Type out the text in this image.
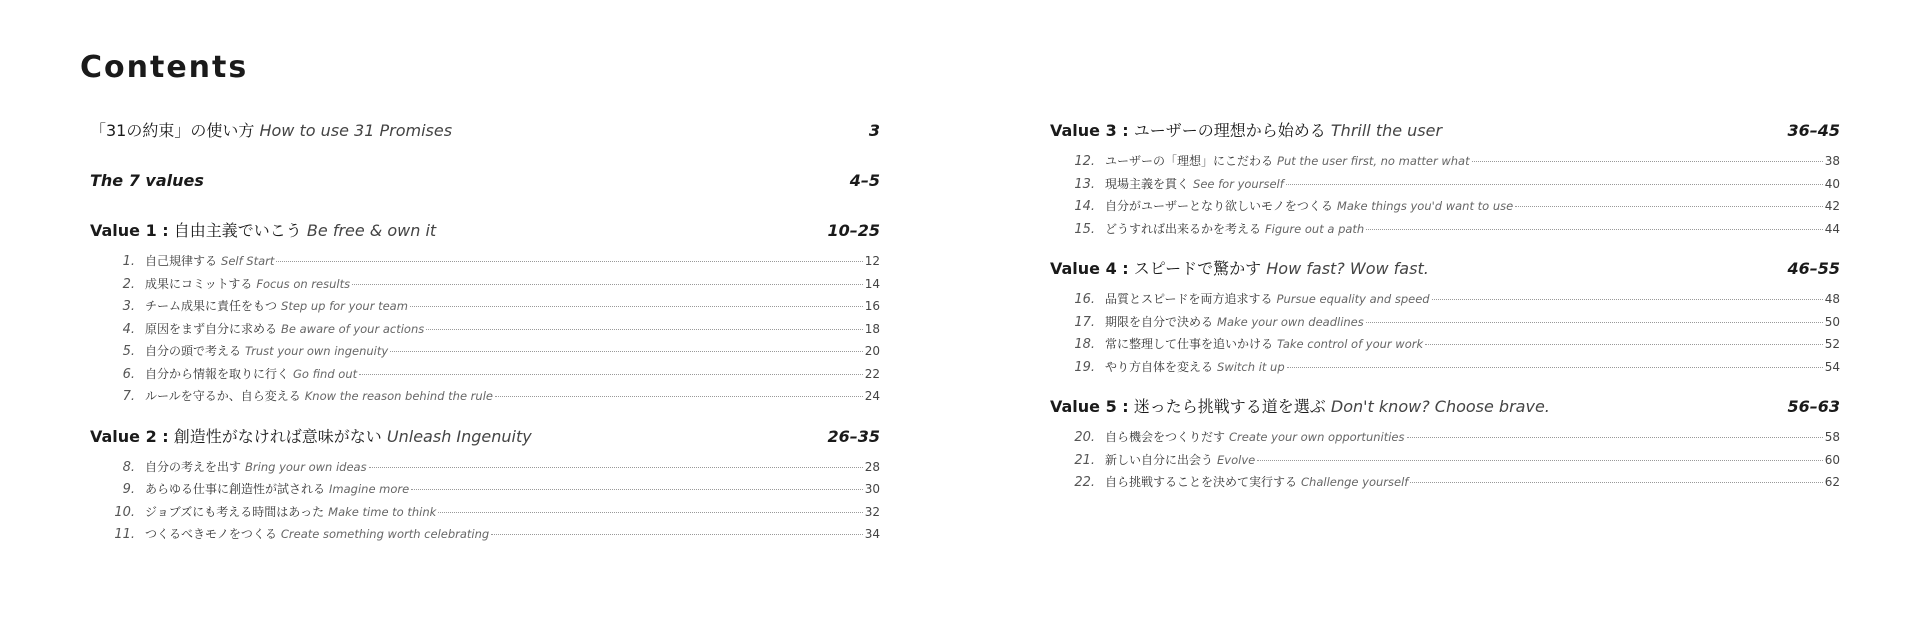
Contents
「31の約束」の使い方 How to use 31 Promises	3
The 7 values	4–5
Value 1 : 自由主義でいこう Be free & own it	10–25
1. 自己規律する Self Start	12
2. 成果にコミットする Focus on results	14
3. チーム成果に責任をもつ Step up for your team	16
4. 原因をまず自分に求める Be aware of your actions	18
5. 自分の頭で考える Trust your own ingenuity	20
6. 自分から情報を取りに行く Go find out	22
7. ルールを守るか、自ら変える Know the reason behind the rule	24
Value 2 : 創造性がなければ意味がない Unleash Ingenuity	26–35
8. 自分の考えを出す Bring your own ideas	28
9. あらゆる仕事に創造性が試される Imagine more	30
10. ジョブズにも考える時間はあった Make time to think	32
11. つくるべきモノをつくる Create something worth celebrating	34
Value 3 : ユーザーの理想から始める Thrill the user	36–45
12. ユーザーの「理想」にこだわる Put the user first, no matter what	38
13. 現場主義を貫く See for yourself	40
14. 自分がユーザーとなり欲しいモノをつくる Make things you'd want to use	42
15. どうすれば出来るかを考える Figure out a path	44
Value 4 : スピードで驚かす How fast? Wow fast.	46–55
16. 品質とスピードを両方追求する Pursue equality and speed	48
17. 期限を自分で決める Make your own deadlines	50
18. 常に整理して仕事を追いかける Take control of your work	52
19. やり方自体を変える Switch it up	54
Value 5 : 迷ったら挑戦する道を選ぶ Don't know? Choose brave.	56–63
20. 自ら機会をつくりだす Create your own opportunities	58
21. 新しい自分に出会う Evolve	60
22. 自ら挑戦することを決めて実行する Challenge yourself	62
